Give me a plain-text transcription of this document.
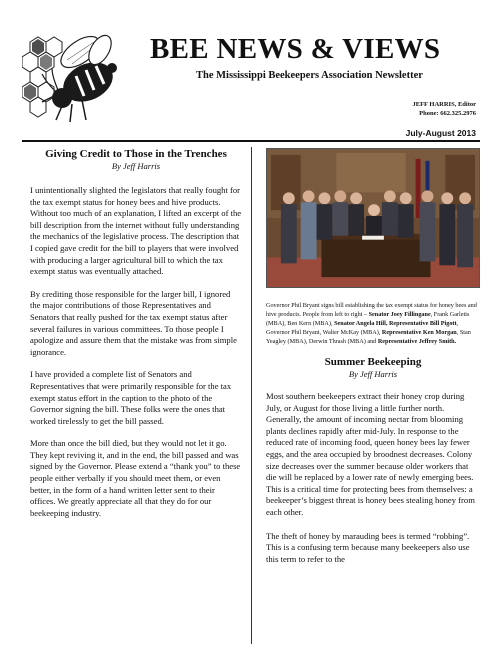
BEE NEWS & VIEWS
The Mississippi Beekeepers Association Newsletter
JEFF HARRIS, Editor
Phone: 662.325.2976
July-August 2013
Giving Credit to Those in the Trenches
By Jeff Harris

I unintentionally slighted the legislators that really fought for the tax exempt status for honey bees and hive products. Without too much of an explanation, I lifted an excerpt of the bill description from the internet without fully understanding the mechanics of the legislative process. The description that I copied gave credit for the bill to players that were involved with producing a larger agricultural bill to which the tax exempt status was eventually attached.

By crediting those responsible for the larger bill, I ignored the major contributions of those Representatives and Senators that really pushed for the tax exempt status after several failures in various committees. To those people I apologize and assure them that the mistake was from simple ignorance.

I have provided a complete list of Senators and Representatives that were primarily responsible for the tax exempt status effort in the caption to the photo of the Governor signing the bill. These folks were the ones that worked tirelessly to get the bill passed.

More than once the bill died, but they would not let it go. They kept reviving it, and in the end, the bill passed and was signed by the Governor. Please extend a “thank you” to these people either verbally if you should meet them, or even better, in the form of a hand written letter sent to their offices. We greatly appreciate all that they do for our beekeeping industry.

Governor Phil Bryant signs bill establishing the tax exempt status for honey bees and hive products. People from left to right – Senator Joey Fillingane, Frank Garletts (MBA), Ben Kern (MBA), Senator Angela Hill, Representative Bill Pigott, Governor Phil Bryant, Walter McKay (MBA), Representative Ken Morgan, Stan Yeagley (MBA), Derwin Thrash (MBA) and Representative Jeffrey Smith.

Summer Beekeeping
By Jeff Harris

Most southern beekeepers extract their honey crop during July, or August for those living a little further north. Generally, the amount of incoming nectar from blooming plants declines rapidly after mid-July. In response to the reduced rate of incoming food, queen honey bees lay fewer eggs, and the area occupied by broodnest decreases. Colony size decreases over the summer because older workers that die will be replaced by a lower rate of newly emerging bees. This is a critical time for protecting bees from themselves: a beekeeper’s biggest threat is honey bees stealing honey from each other.

The theft of honey by marauding bees is termed “robbing”. This is a confusing term because many beekeepers also use this term to refer to the
